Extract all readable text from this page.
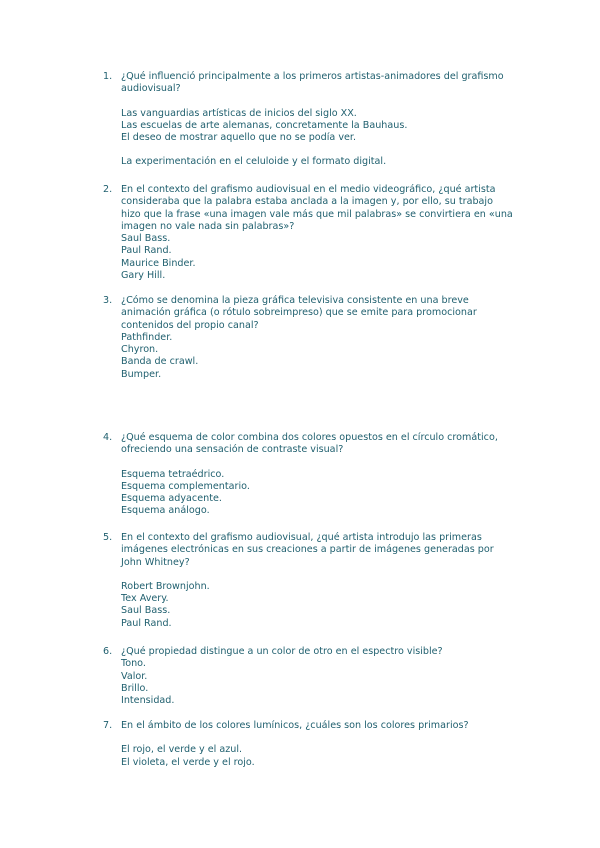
1. ¿Qué influenció principalmente a los primeros artistas-animadores del grafismo audiovisual?
Las vanguardias artísticas de inicios del siglo XX.
Las escuelas de arte alemanas, concretamente la Bauhaus.
El deseo de mostrar aquello que no se podía ver.
La experimentación en el celuloide y el formato digital.
2. En el contexto del grafismo audiovisual en el medio videográfico, ¿qué artista consideraba que la palabra estaba anclada a la imagen y, por ello, su trabajo hizo que la frase «una imagen vale más que mil palabras» se convirtiera en «una imagen no vale nada sin palabras»?
Saul Bass.
Paul Rand.
Maurice Binder.
Gary Hill.
3. ¿Cómo se denomina la pieza gráfica televisiva consistente en una breve animación gráfica (o rótulo sobreimpreso) que se emite para promocionar contenidos del propio canal?
Pathfinder.
Chyron.
Banda de crawl.
Bumper.
4. ¿Qué esquema de color combina dos colores opuestos en el círculo cromático, ofreciendo una sensación de contraste visual?
Esquema tetraédrico.
Esquema complementario.
Esquema adyacente.
Esquema análogo.
5. En el contexto del grafismo audiovisual, ¿qué artista introdujo las primeras imágenes electrónicas en sus creaciones a partir de imágenes generadas por John Whitney?
Robert Brownjohn.
Tex Avery.
Saul Bass.
Paul Rand.
6. ¿Qué propiedad distingue a un color de otro en el espectro visible?
Tono.
Valor.
Brillo.
Intensidad.
7. En el ámbito de los colores lumínicos, ¿cuáles son los colores primarios?
El rojo, el verde y el azul.
El violeta, el verde y el rojo.
